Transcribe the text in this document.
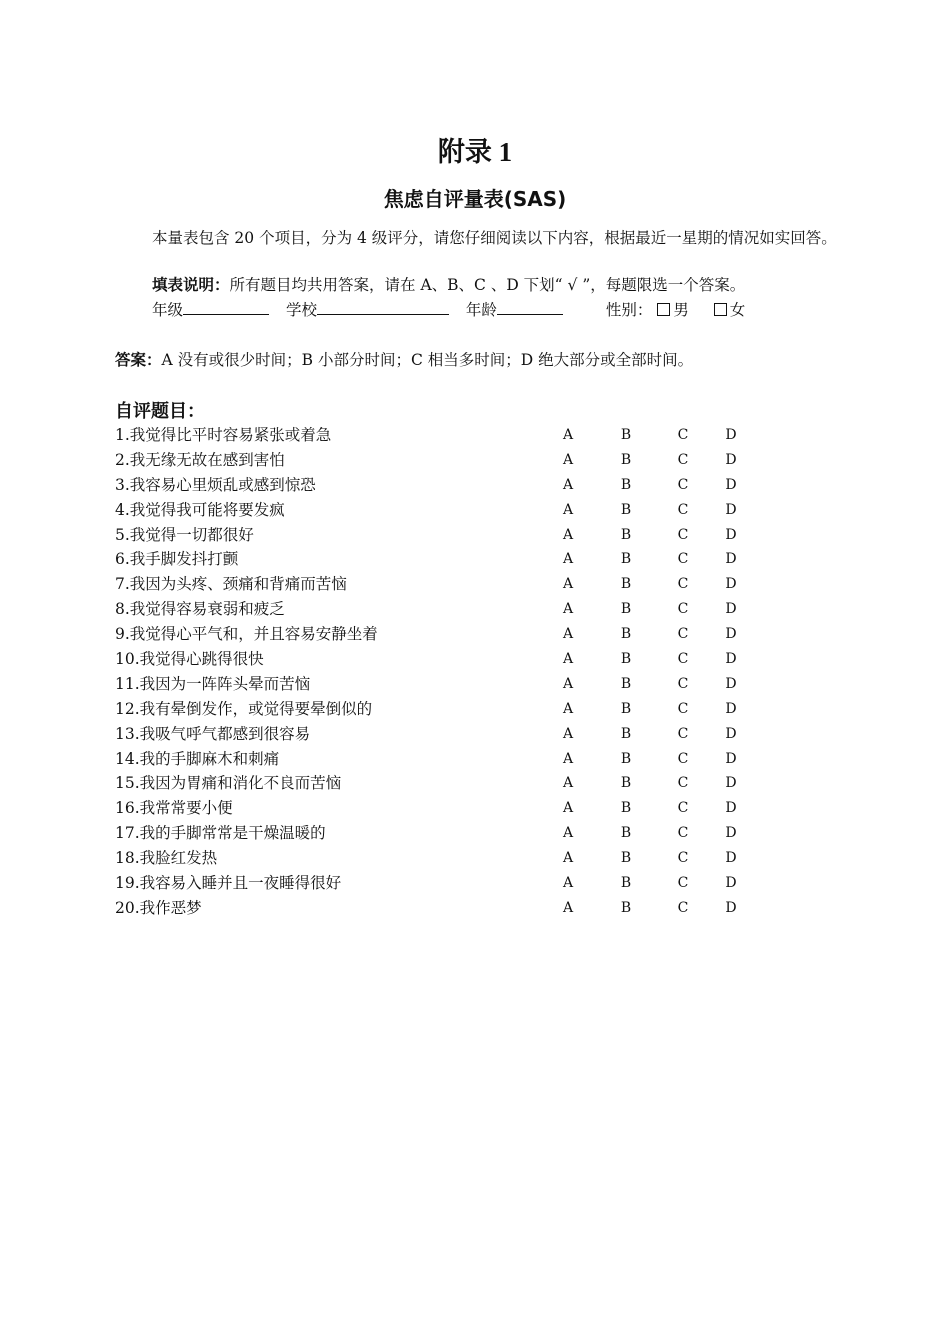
附录 1
焦虑自评量表(SAS)
本量表包含 20 个项目，分为 4 级评分，请您仔细阅读以下内容，根据最近一星期的情况如实回答。
填表说明：所有题目均共用答案，请在 A、B、C 、D 下划“ √ ”，每题限选一个答案。
年级	学校	年龄	性别： 男	女
答案：A 没有或很少时间；B 小部分时间；C 相当多时间；D 绝大部分或全部时间。
自评题目：
1.我觉得比平时容易紧张或着急	A	B	C	D
2.我无缘无故在感到害怕	A	B	C	D
3.我容易心里烦乱或感到惊恐	A	B	C	D
4.我觉得我可能将要发疯	A	B	C	D
5.我觉得一切都很好	A	B	C	D
6.我手脚发抖打颤	A	B	C	D
7.我因为头疼、颈痛和背痛而苦恼	A	B	C	D
8.我觉得容易衰弱和疲乏	A	B	C	D
9.我觉得心平气和，并且容易安静坐着	A	B	C	D
10.我觉得心跳得很快	A	B	C	D
11.我因为一阵阵头晕而苦恼	A	B	C	D
12.我有晕倒发作，或觉得要晕倒似的	A	B	C	D
13.我吸气呼气都感到很容易	A	B	C	D
14.我的手脚麻木和刺痛	A	B	C	D
15.我因为胃痛和消化不良而苦恼	A	B	C	D
16.我常常要小便	A	B	C	D
17.我的手脚常常是干燥温暖的	A	B	C	D
18.我脸红发热	A	B	C	D
19.我容易入睡并且一夜睡得很好	A	B	C	D
20.我作恶梦	A	B	C	D
